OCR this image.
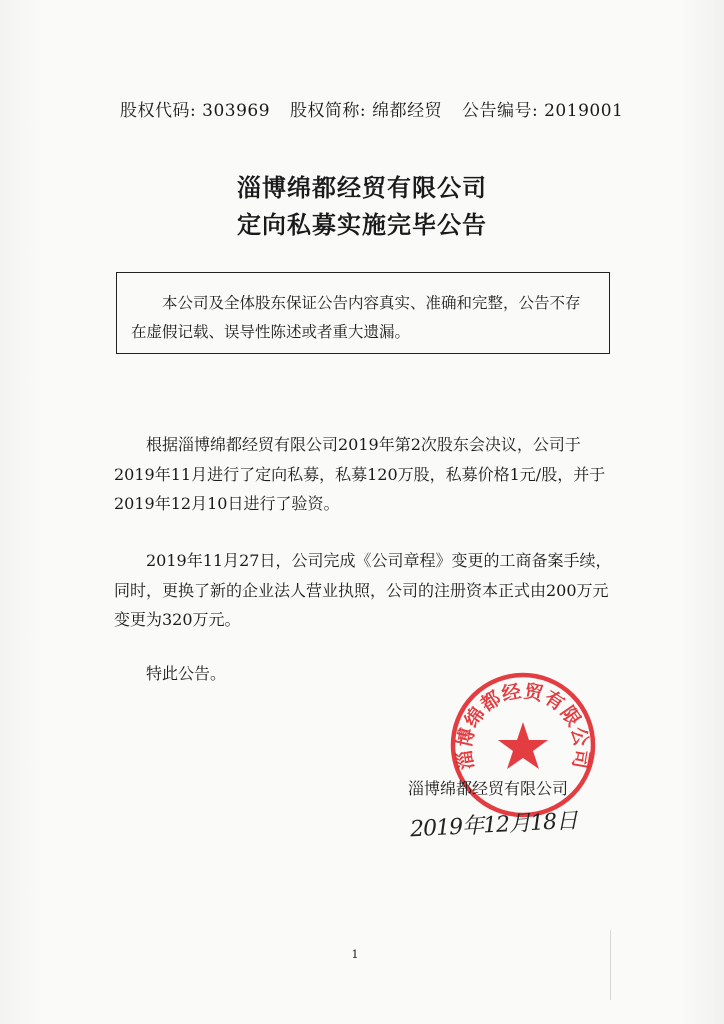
股权代码: 303969 股权简称: 绵都经贸 公告编号: 2019001
淄博绵都经贸有限公司
定向私募实施完毕公告
本公司及全体股东保证公告内容真实、准确和完整，公告不存在虚假记载、误导性陈述或者重大遗漏。
根据淄博绵都经贸有限公司2019年第2次股东会决议，公司于2019年11月进行了定向私募，私募120万股，私募价格1元/股，并于2019年12月10日进行了验资。
2019年11月27日，公司完成《公司章程》变更的工商备案手续，同时，更换了新的企业法人营业执照，公司的注册资本正式由200万元变更为320万元。
特此公告。
淄博绵都经贸有限公司
淄博绵都经贸有限公司
2019年12月18日
1
